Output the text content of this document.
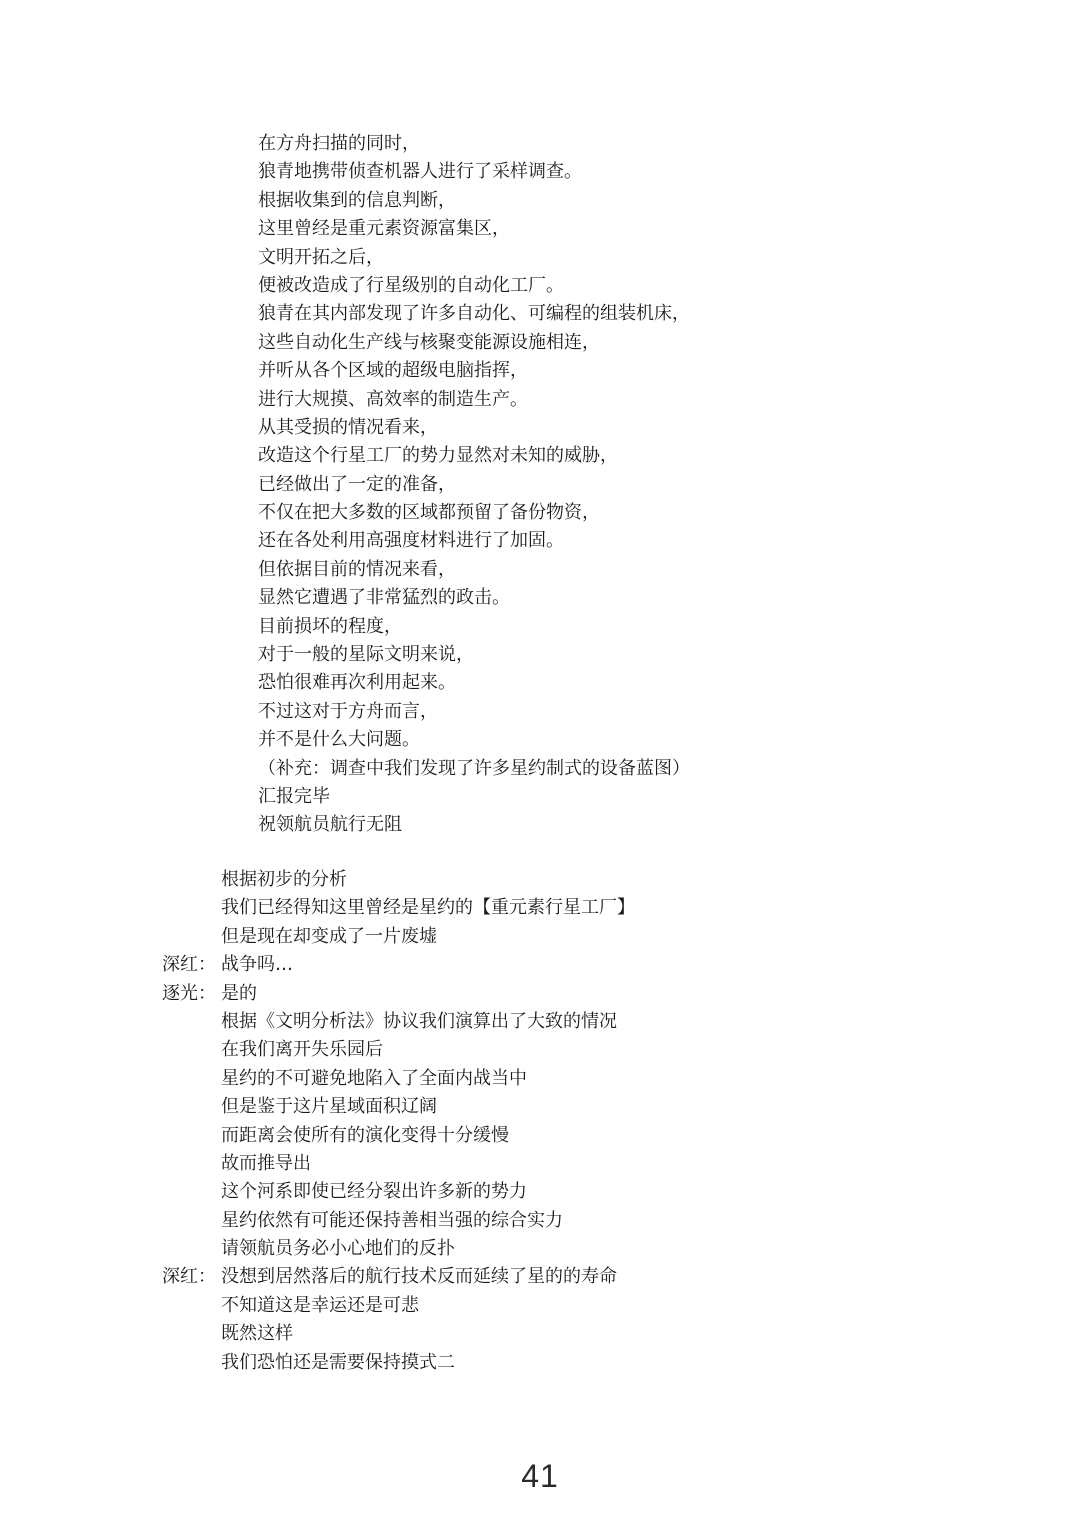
在方舟扫描的同时，
狼青地携带侦查机器人进行了采样调查。
根据收集到的信息判断，
这里曾经是重元素资源富集区，
文明开拓之后，
便被改造成了行星级别的自动化工厂。
狼青在其内部发现了许多自动化、可编程的组装机床，
这些自动化生产线与核聚变能源设施相连，
并听从各个区域的超级电脑指挥，
进行大规摸、高效率的制造生产。
从其受损的情况看来，
改造这个行星工厂的势力显然对未知的威胁，
已经做出了一定的准备，
不仅在把大多数的区域都预留了备份物资，
还在各处利用高强度材料进行了加固。
但依据目前的情况来看，
显然它遭遇了非常猛烈的政击。
目前损坏的程度，
对于一般的星际文明来说，
恐怕很难再次利用起来。
不过这对于方舟而言，
并不是什么大问题。
（补充：调查中我们发现了许多星约制式的设备蓝图）
汇报完毕
祝领航员航行无阻
根据初步的分析
我们已经得知这里曾经是星约的【重元素行星工厂】
但是现在却变成了一片废墟
深红： 战争吗…
逐光： 是的
根据《文明分析法》协议我们演算出了大致的情况
在我们离开失乐园后
星约的不可避免地陷入了全面内战当中
但是鉴于这片星域面积辽阔
而距离会使所有的演化变得十分缓慢
故而推导出
这个河系即使已经分裂出许多新的势力
星约依然有可能还保持善相当强的综合实力
请领航员务必小心地们的反扑
深红： 没想到居然落后的航行技术反而延续了星的的寿命
不知道这是幸运还是可悲
既然这样
我们恐怕还是需要保持摸式二
41
